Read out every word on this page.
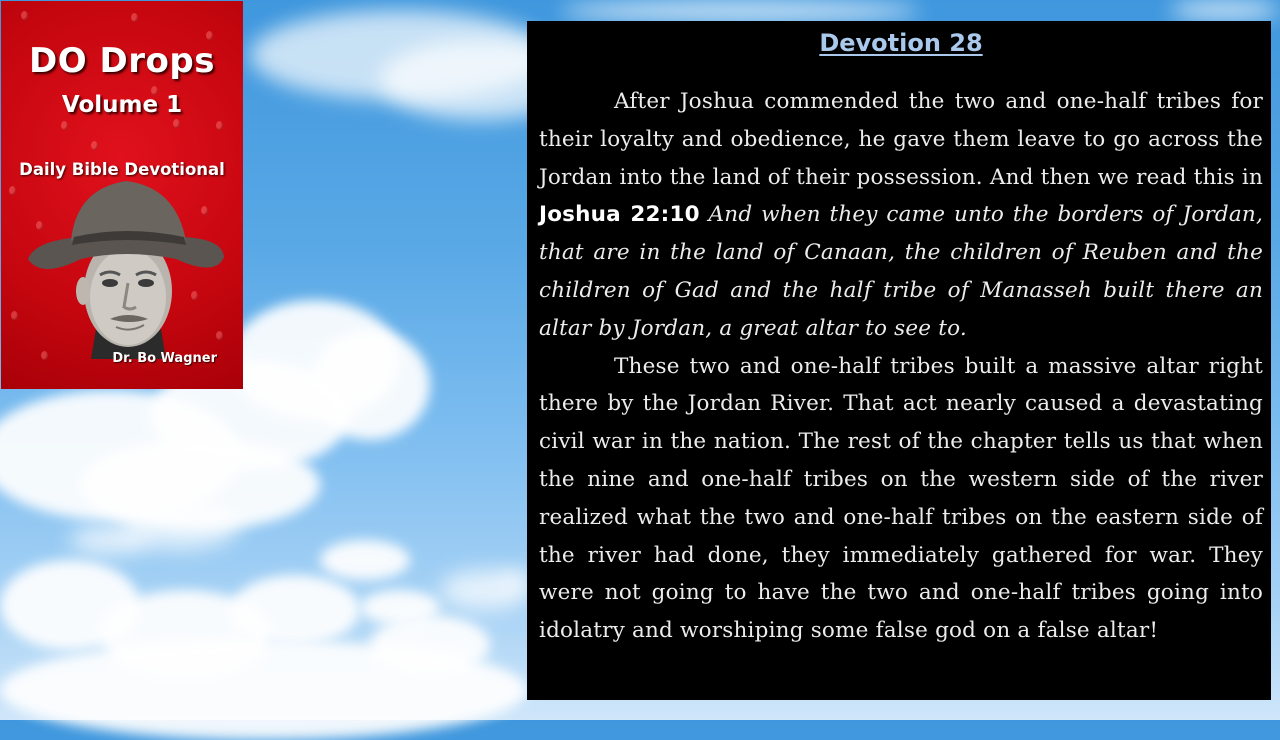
DO Drops
Volume 1
Daily Bible Devotional
Dr. Bo Wagner
Devotion 28

After Joshua commended the two and one-half tribes for their loyalty and obedience, he gave them leave to go across the Jordan into the land of their possession. And then we read this in Joshua 22:10 And when they came unto the borders of Jordan, that are in the land of Canaan, the children of Reuben and the children of Gad and the half tribe of Manasseh built there an altar by Jordan, a great altar to see to.

These two and one-half tribes built a massive altar right there by the Jordan River. That act nearly caused a devastating civil war in the nation. The rest of the chapter tells us that when the nine and one-half tribes on the western side of the river realized what the two and one-half tribes on the eastern side of the river had done, they immediately gathered for war. They were not going to have the two and one-half tribes going into idolatry and worshiping some false god on a false altar!
